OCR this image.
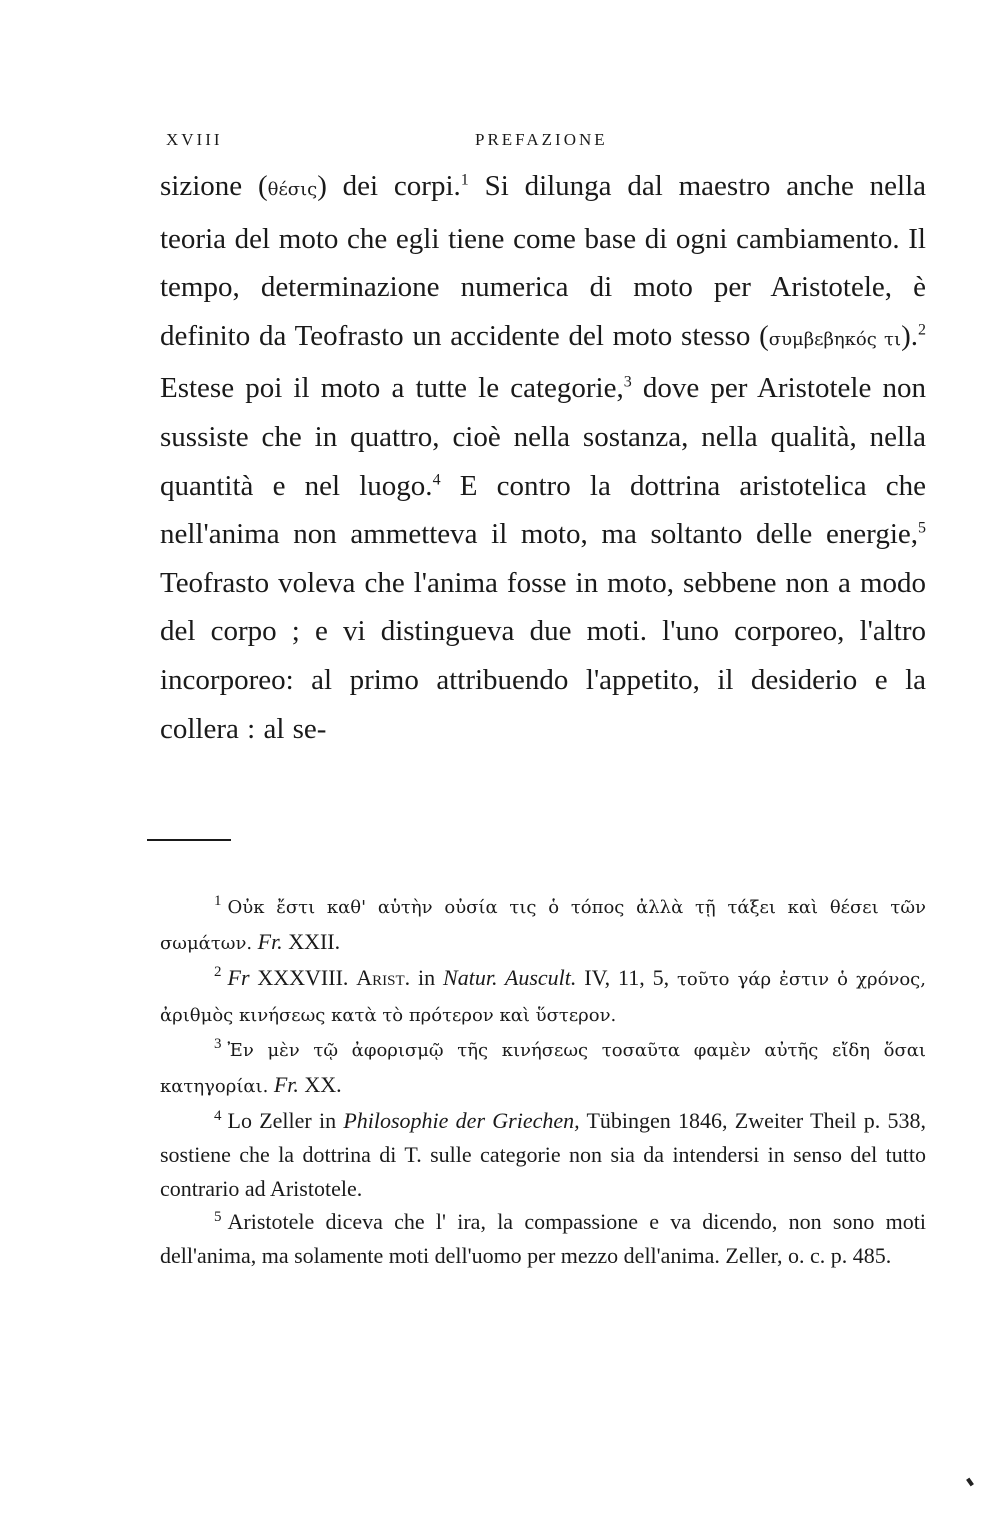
XVIII	PREFAZIONE

sizione (θέσις) dei corpi.$^1$ Si dilunga dal maestro anche nella teoria del moto che egli tiene come base di ogni cambiamento. Il tempo, determinazione numerica di moto per Aristotele, è definito da Teofrasto un accidente del moto stesso (συμβεβηκός τι).$^2$ Estese poi il moto a tutte le categorie,$^3$ dove per Aristotele non sussiste che in quattro, cioè nella sostanza, nella qualità, nella quantità e nel luogo.$^4$ E contro la dottrina aristotelica che nell'anima non ammetteva il moto, ma soltanto delle energie,$^5$ Teofrasto voleva che l'anima fosse in moto, sebbene non a modo del corpo ; e vi distingueva due moti. l'uno corporeo, l'altro incorporeo: al primo attribuendo l'appetito, il desiderio e la collera : al se-

$^1$ Οὐκ ἔστι καθ' αὑτὴν οὐσία τις ὁ τόπος ἀλλὰ τῇ τάξει καὶ θέσει τῶν σωμάτων. Fr. XXII.

$^2$ Fr XXXVIII. Arist. in Natur. Auscult. IV, 11, 5, τοῦτο γάρ ἐστιν ὁ χρόνος, ἀριθμὸς κινήσεως κατὰ τὸ πρότερον καὶ ὕστερον.

$^3$ Ἐν μὲν τῷ ἀφορισμῷ τῆς κινήσεως τοσαῦτα φαμὲν αὐτῆς εἴδη ὅσαι κατηγορίαι. Fr. XX.

$^4$ Lo Zeller in Philosophie der Griechen, Tübingen 1846, Zweiter Theil p. 538, sostiene che la dottrina di T. sulle categorie non sia da intendersi in senso del tutto contrario ad Aristotele.

$^5$ Aristotele diceva che l' ira, la compassione e va dicendo, non sono moti dell'anima, ma solamente moti dell'uomo per mezzo dell'anima. Zeller, o. c. p. 485.
